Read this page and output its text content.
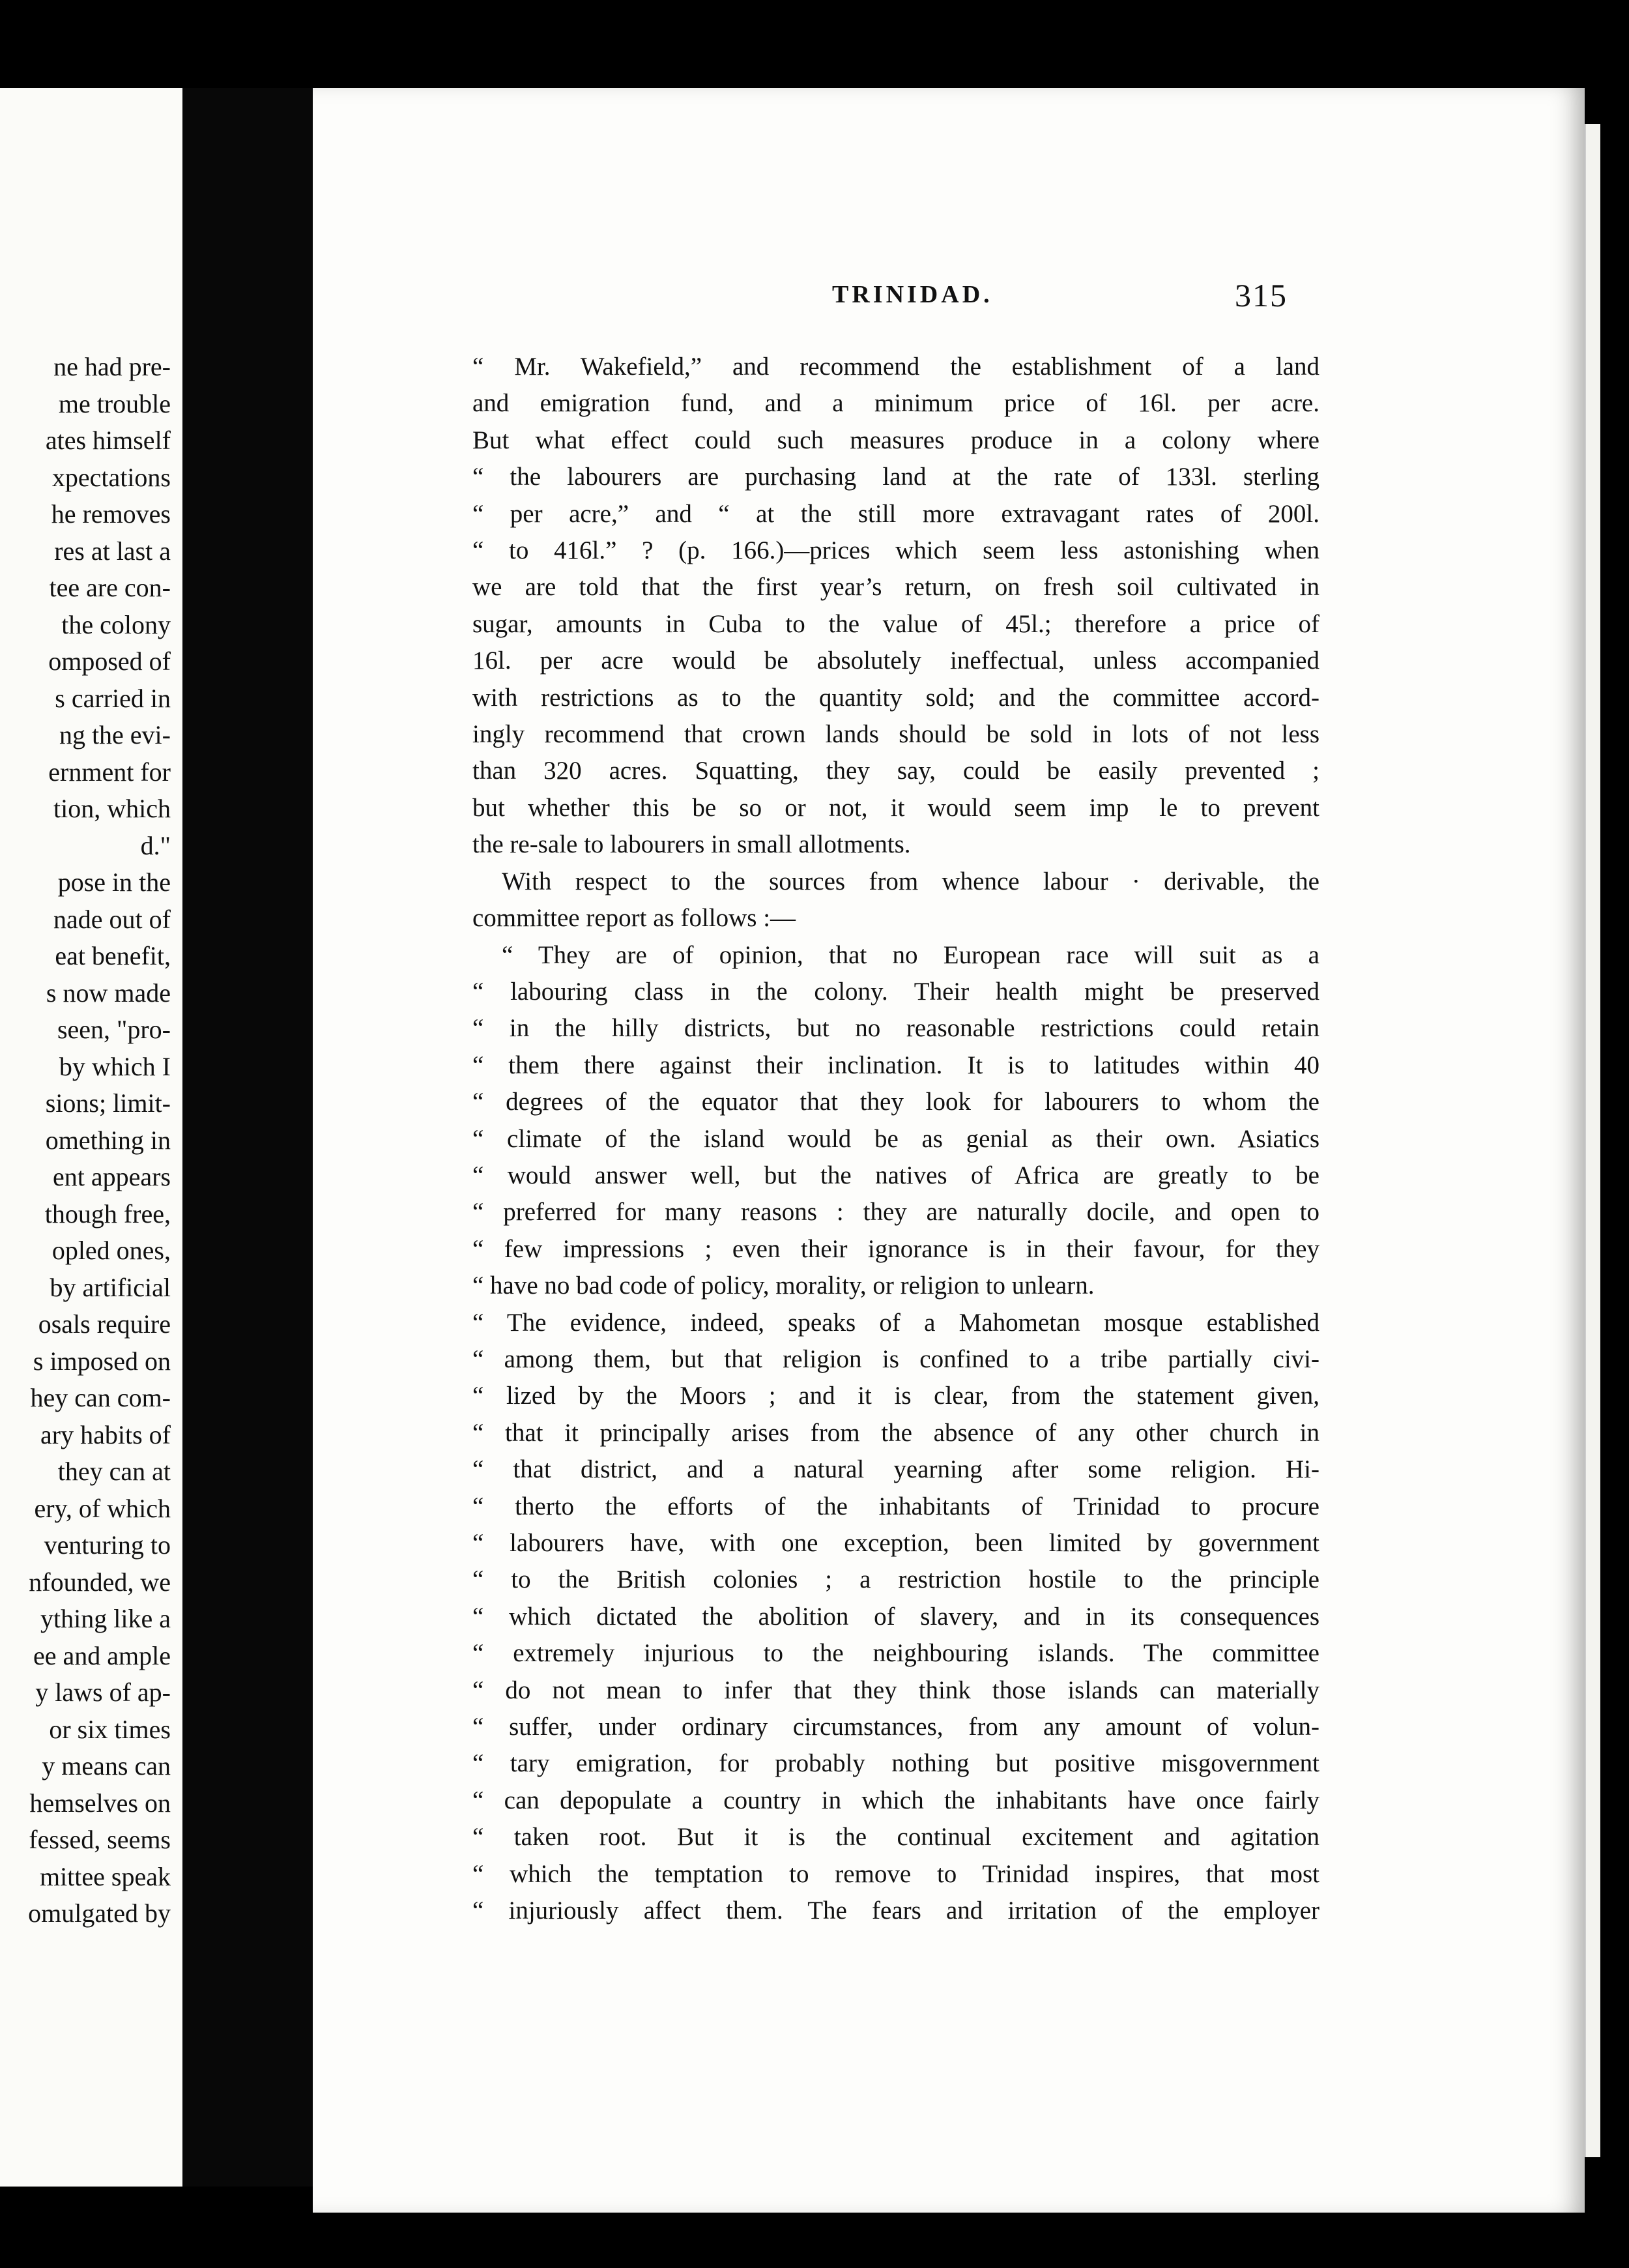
ne had pre-
me trouble
ates himself
xpectations
he removes
res at last a
tee are con-
the colony
omposed of
s carried in
ng the evi-
ernment for
tion, which
d."
pose in the
nade out of
eat benefit,
s now made
seen, "pro-
by which I
sions; limit-
omething in
ent appears
though free,
opled ones,
by artificial
osals require
s imposed on
hey can com-
ary habits of
they can at
ery, of which
venturing to
nfounded, we
ything like a
ee and ample
y laws of ap-
or six times
y means can
hemselves on
fessed, seems
mittee speak
omulgated by
TRINIDAD.	315
“ Mr. Wakefield,” and recommend the establishment of a land
and emigration fund, and a minimum price of 16l. per acre.
But what effect could such measures produce in a colony where
“ the labourers are purchasing land at the rate of 133l. sterling
“ per acre,” and “ at the still more extravagant rates of 200l.
“ to 416l.” ? (p. 166.)—prices which seem less astonishing when
we are told that the first year’s return, on fresh soil cultivated in
sugar, amounts in Cuba to the value of 45l.; therefore a price of
16l. per acre would be absolutely ineffectual, unless accompanied
with restrictions as to the quantity sold; and the committee accord-
ingly recommend that crown lands should be sold in lots of not less
than 320 acres. Squatting, they say, could be easily prevented ;
but whether this be so or not, it would seem imp      le to prevent
the re-sale to labourers in small allotments.
With respect to the sources from whence labour · derivable, the
committee report as follows :—
“ They are of opinion, that no European race will suit as a
“ labouring class in the colony. Their health might be preserved
“ in the hilly districts, but no reasonable restrictions could retain
“ them there against their inclination. It is to latitudes within 40
“ degrees of the equator that they look for labourers to whom the
“ climate of the island would be as genial as their own. Asiatics
“ would answer well, but the natives of Africa are greatly to be
“ preferred for many reasons : they are naturally docile, and open to
“ few impressions ; even their ignorance is in their favour, for they
“ have no bad code of policy, morality, or religion to unlearn.
“ The evidence, indeed, speaks of a Mahometan mosque established
“ among them, but that religion is confined to a tribe partially civi-
“ lized by the Moors ; and it is clear, from the statement given,
“ that it principally arises from the absence of any other church in
“ that district, and a natural yearning after some religion. Hi-
“ therto the efforts of the inhabitants of Trinidad to procure
“ labourers have, with one exception, been limited by government
“ to the British colonies ; a restriction hostile to the principle
“ which dictated the abolition of slavery, and in its consequences
“ extremely injurious to the neighbouring islands. The committee
“ do not mean to infer that they think those islands can materially
“ suffer, under ordinary circumstances, from any amount of volun-
“ tary emigration, for probably nothing but positive misgovernment
“ can depopulate a country in which the inhabitants have once fairly
“ taken root. But it is the continual excitement and agitation
“ which the temptation to remove to Trinidad inspires, that most
“ injuriously affect them. The fears and irritation of the employer
